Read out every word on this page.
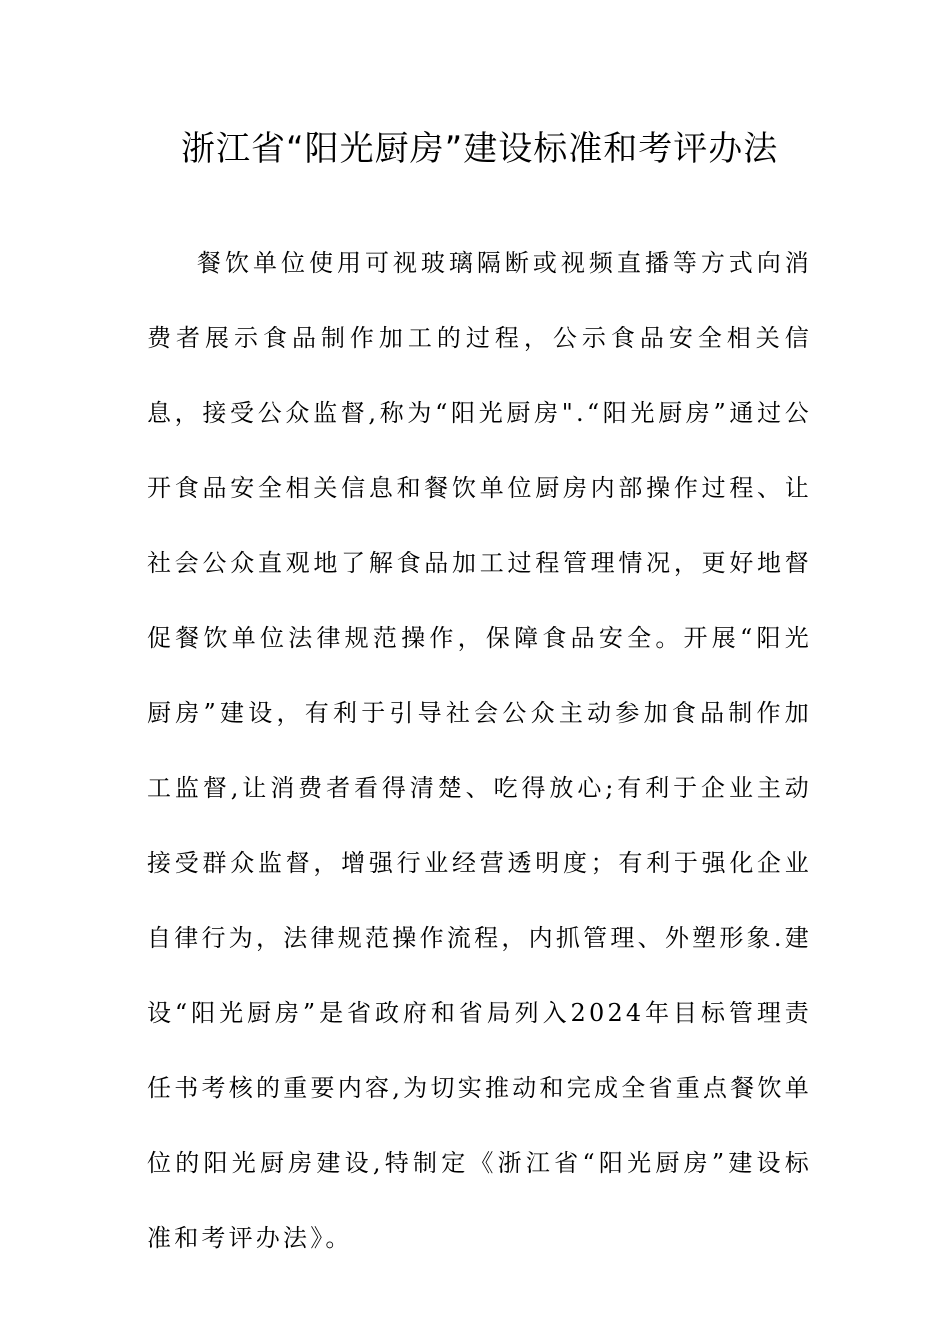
浙江省“阳光厨房”建设标准和考评办法

餐饮单位使用可视玻璃隔断或视频直播等方式向消费者展示食品制作加工的过程，公示食品安全相关信息，接受公众监督,称为“阳光厨房".“阳光厨房”通过公开食品安全相关信息和餐饮单位厨房内部操作过程、让社会公众直观地了解食品加工过程管理情况，更好地督促餐饮单位法律规范操作，保障食品安全。开展“阳光厨房”建设，有利于引导社会公众主动参加食品制作加工监督,让消费者看得清楚、吃得放心;有利于企业主动接受群众监督，增强行业经营透明度；有利于强化企业自律行为，法律规范操作流程，内抓管理、外塑形象.建设“阳光厨房”是省政府和省局列入2024年目标管理责任书考核的重要内容,为切实推动和完成全省重点餐饮单位的阳光厨房建设,特制定《浙江省“阳光厨房”建设标准和考评办法》。
